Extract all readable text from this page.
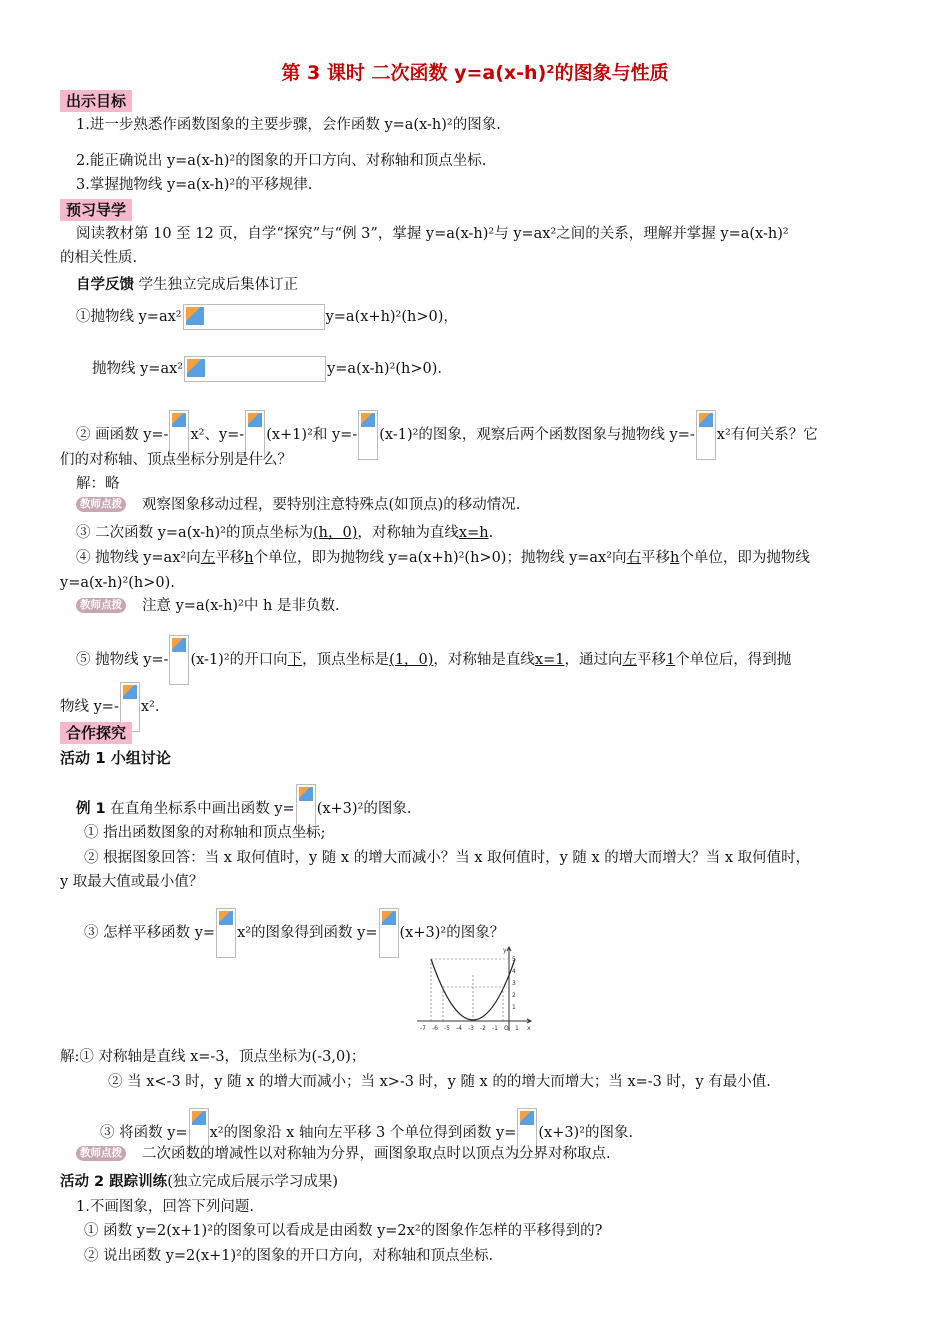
第 3 课时 二次函数 y=a(x-h)²的图象与性质
出示目标
1.进一步熟悉作函数图象的主要步骤，会作函数 y=a(x-h)²的图象.
2.能正确说出 y=a(x-h)²的图象的开口方向、对称轴和顶点坐标.
3.掌握抛物线 y=a(x-h)²的平移规律.
预习导学
阅读教材第 10 至 12 页，自学“探究”与“例 3”，掌握 y=a(x-h)²与 y=ax²之间的关系，理解并掌握 y=a(x-h)²
的相关性质.
自学反馈 学生独立完成后集体订正
①抛物线 y=ax²	y=a(x+h)²(h>0)，
抛物线 y=ax²	y=a(x-h)²(h>0).
② 画函数 y=- x²、y=- (x+1)²和 y=- (x-1)²的图象，观察后两个函数图象与抛物线 y=- x²有何关系？它
们的对称轴、顶点坐标分别是什么？
解：略
教师点拨 观察图象移动过程，要特别注意特殊点(如顶点)的移动情况.
③ 二次函数 y=a(x-h)²的顶点坐标为(h，0)，对称轴为直线x=h.
④ 抛物线 y=ax²向左平移h个单位，即为抛物线 y=a(x+h)²(h>0)；抛物线 y=ax²向右平移h个单位，即为抛物线
y=a(x-h)²(h>0).
教师点拨 注意 y=a(x-h)²中 h 是非负数.
⑤ 抛物线 y=- (x-1)²的开口向下，顶点坐标是(1，0)，对称轴是直线x=1，通过向左平移1个单位后，得到抛
物线 y=- x².
合作探究
活动 1 小组讨论
例 1 在直角坐标系中画出函数 y= (x+3)²的图象.
① 指出函数图象的对称轴和顶点坐标;
② 根据图象回答：当 x 取何值时，y 随 x 的增大而减小？当 x 取何值时，y 随 x 的增大而增大？当 x 取何值时，
y 取最大值或最小值？
③ 怎样平移函数 y= x²的图象得到函数 y= (x+3)²的图象？
-7 -6 -5 -4 -3 -2 -1 O 1 x
5
4
3
2
1
y
解:① 对称轴是直线 x=-3，顶点坐标为(-3,0)；
② 当 x<-3 时，y 随 x 的增大而减小；当 x>-3 时，y 随 x 的的增大而增大；当 x=-3 时，y 有最小值.
③ 将函数 y= x²的图象沿 x 轴向左平移 3 个单位得到函数 y= (x+3)²的图象.
教师点拨 二次函数的增减性以对称轴为分界，画图象取点时以顶点为分界对称取点.
活动 2 跟踪训练(独立完成后展示学习成果)
1.不画图象，回答下列问题.
① 函数 y=2(x+1)²的图象可以看成是由函数 y=2x²的图象作怎样的平移得到的?
② 说出函数 y=2(x+1)²的图象的开口方向，对称轴和顶点坐标.
